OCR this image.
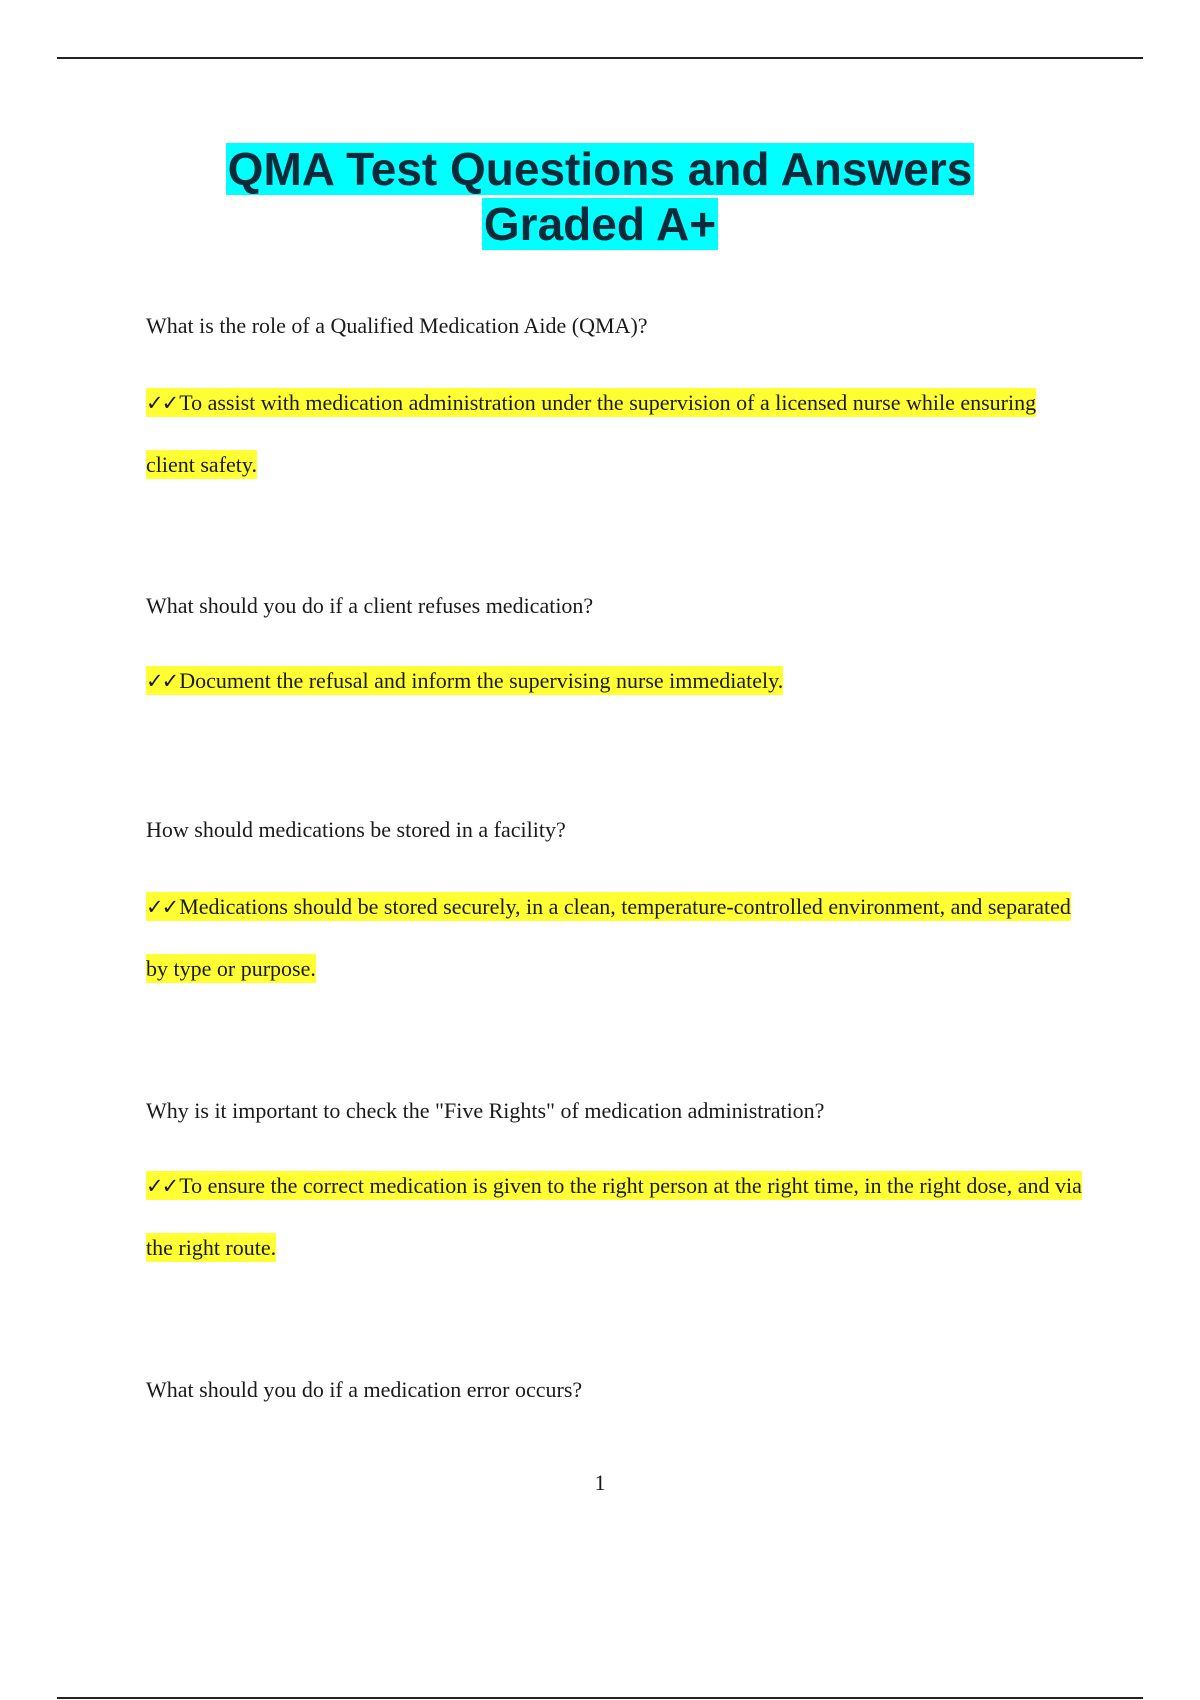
QMA Test Questions and Answers
Graded A+
What is the role of a Qualified Medication Aide (QMA)?
✓✓To assist with medication administration under the supervision of a licensed nurse while ensuring client safety.
What should you do if a client refuses medication?
✓✓Document the refusal and inform the supervising nurse immediately.
How should medications be stored in a facility?
✓✓Medications should be stored securely, in a clean, temperature-controlled environment, and separated by type or purpose.
Why is it important to check the "Five Rights" of medication administration?
✓✓To ensure the correct medication is given to the right person at the right time, in the right dose, and via the right route.
What should you do if a medication error occurs?
1
